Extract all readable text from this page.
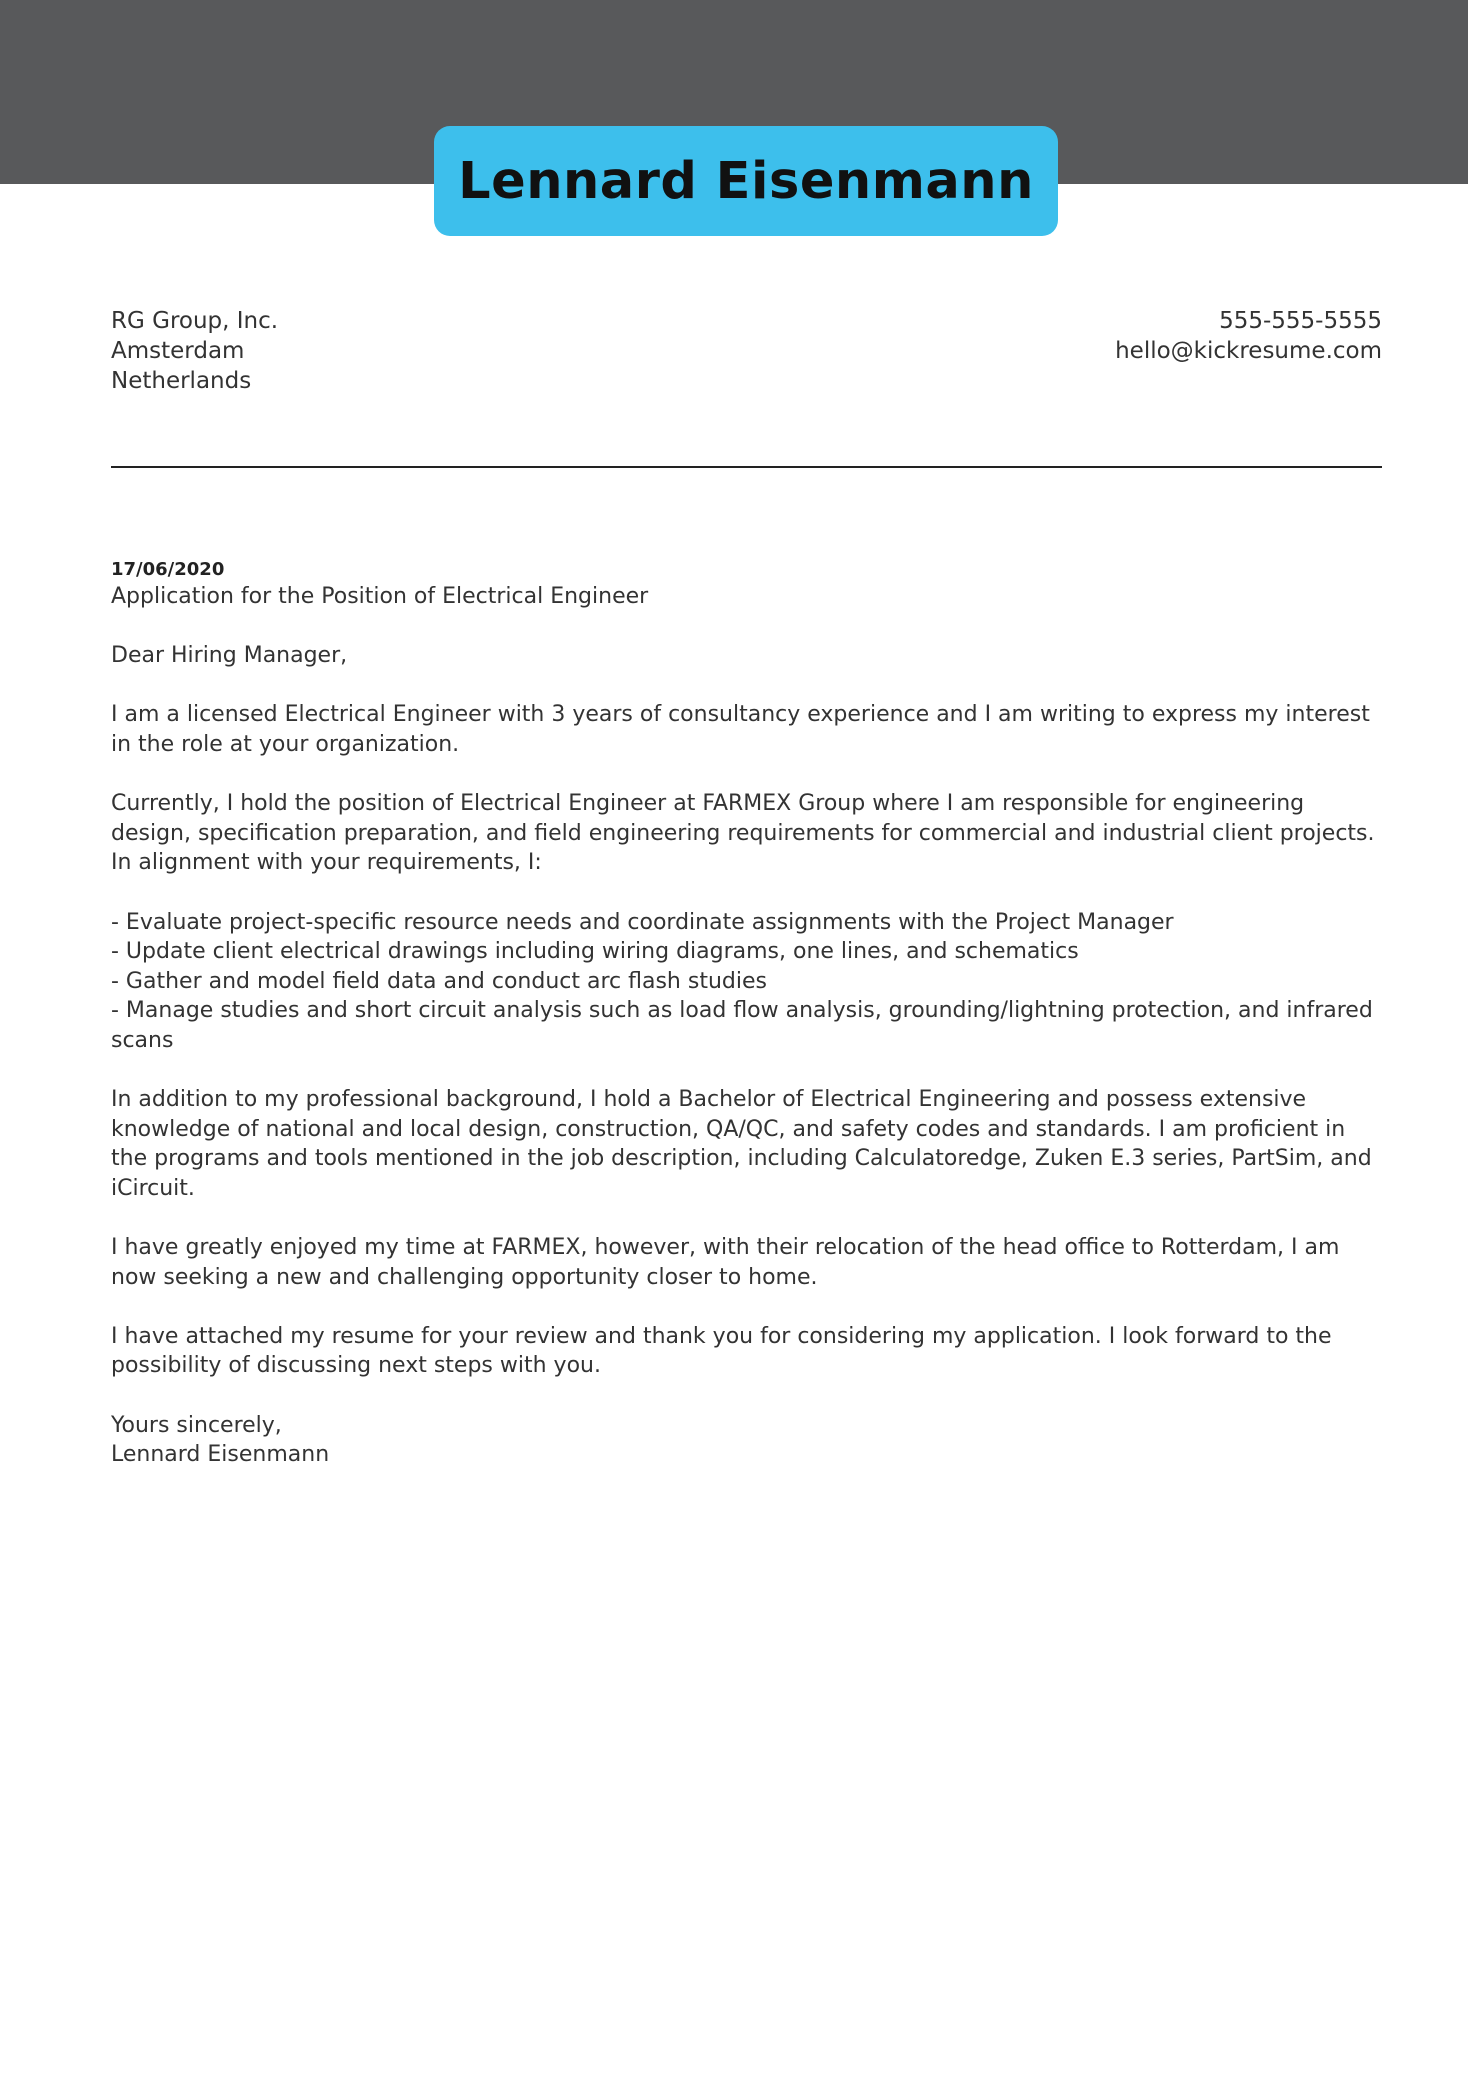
Lennard Eisenmann
RG Group, Inc.
Amsterdam
Netherlands
555-555-5555
hello@kickresume.com
17/06/2020
Application for the Position of Electrical Engineer

Dear Hiring Manager,

I am a licensed Electrical Engineer with 3 years of consultancy experience and I am writing to express my interest in the role at your organization.

Currently, I hold the position of Electrical Engineer at FARMEX Group where I am responsible for engineering design, specification preparation, and field engineering requirements for commercial and industrial client projects. In alignment with your requirements, I:

- Evaluate project-specific resource needs and coordinate assignments with the Project Manager
- Update client electrical drawings including wiring diagrams, one lines, and schematics
- Gather and model field data and conduct arc flash studies
- Manage studies and short circuit analysis such as load flow analysis, grounding/lightning protection, and infrared scans

In addition to my professional background, I hold a Bachelor of Electrical Engineering and possess extensive knowledge of national and local design, construction, QA/QC, and safety codes and standards. I am proficient in the programs and tools mentioned in the job description, including Calculatoredge, Zuken E.3 series, PartSim, and iCircuit.

I have greatly enjoyed my time at FARMEX, however, with their relocation of the head office to Rotterdam, I am now seeking a new and challenging opportunity closer to home.

I have attached my resume for your review and thank you for considering my application. I look forward to the possibility of discussing next steps with you.

Yours sincerely,
Lennard Eisenmann
